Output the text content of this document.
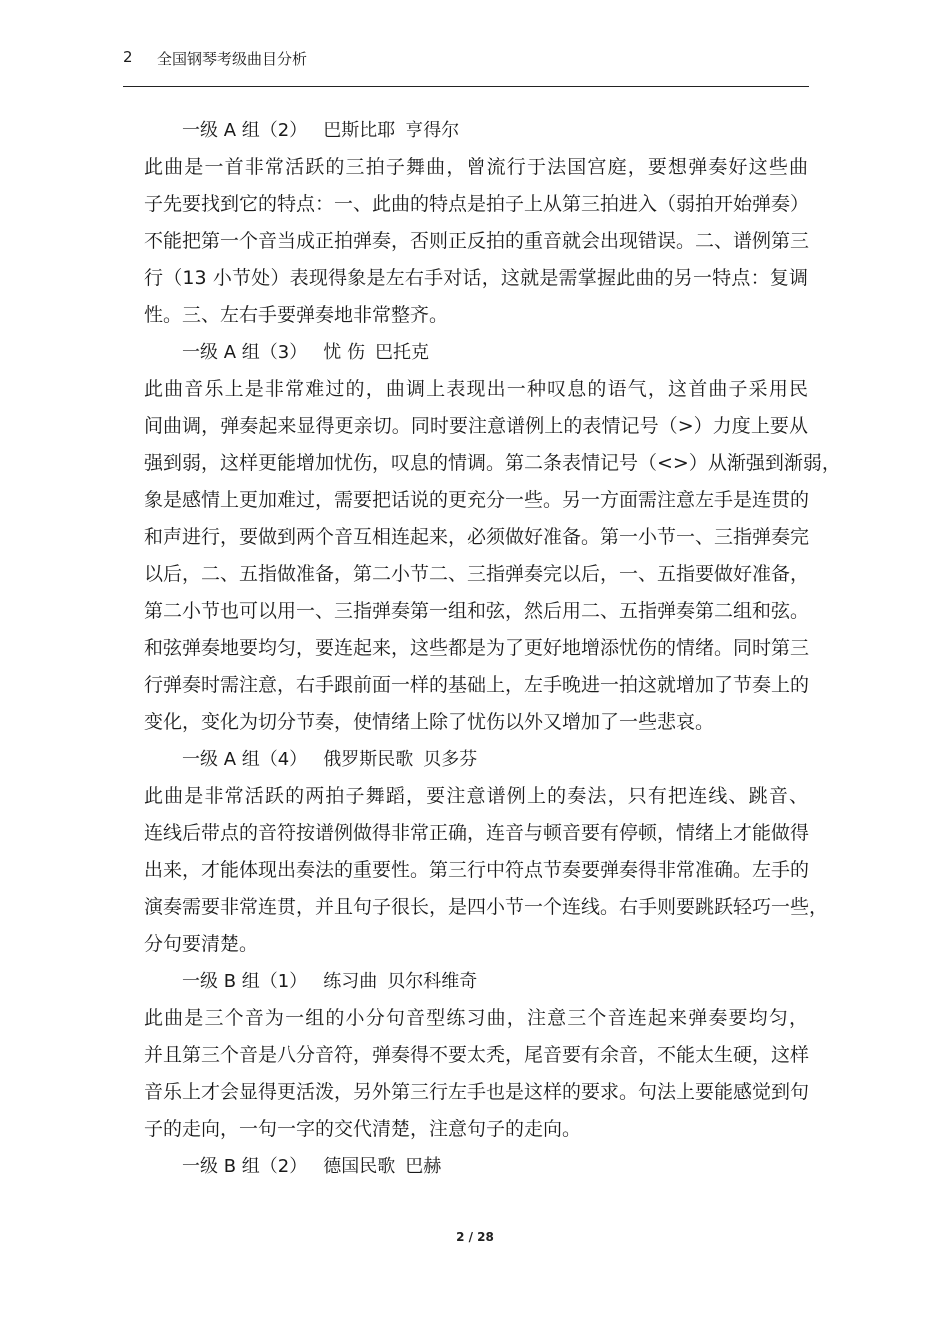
2 全国钢琴考级曲目分析
一级 A 组（2） 巴斯比耶 亨得尔
此曲是一首非常活跃的三拍子舞曲，曾流行于法国宫庭，要想弹奏好这些曲
子先要找到它的特点：一、此曲的特点是拍子上从第三拍进入（弱拍开始弹奏）
不能把第一个音当成正拍弹奏，否则正反拍的重音就会出现错误。二、谱例第三
行（13 小节处）表现得象是左右手对话，这就是需掌握此曲的另一特点：复调
性。三、左右手要弹奏地非常整齐。
一级 A 组（3） 忧 伤 巴托克
此曲音乐上是非常难过的，曲调上表现出一种叹息的语气，这首曲子采用民
间曲调，弹奏起来显得更亲切。同时要注意谱例上的表情记号（>）力度上要从
强到弱，这样更能增加忧伤，叹息的情调。第二条表情记号（<>）从渐强到渐弱，
象是感情上更加难过，需要把话说的更充分一些。另一方面需注意左手是连贯的
和声进行，要做到两个音互相连起来，必须做好准备。第一小节一、三指弹奏完
以后，二、五指做准备，第二小节二、三指弹奏完以后，一、五指要做好准备，
第二小节也可以用一、三指弹奏第一组和弦，然后用二、五指弹奏第二组和弦。
和弦弹奏地要均匀，要连起来，这些都是为了更好地增添忧伤的情绪。同时第三
行弹奏时需注意，右手跟前面一样的基础上，左手晚进一拍这就增加了节奏上的
变化，变化为切分节奏，使情绪上除了忧伤以外又增加了一些悲哀。
一级 A 组（4） 俄罗斯民歌 贝多芬
此曲是非常活跃的两拍子舞蹈，要注意谱例上的奏法，只有把连线、跳音、
连线后带点的音符按谱例做得非常正确，连音与顿音要有停顿，情绪上才能做得
出来，才能体现出奏法的重要性。第三行中符点节奏要弹奏得非常准确。左手的
演奏需要非常连贯，并且句子很长，是四小节一个连线。右手则要跳跃轻巧一些，
分句要清楚。
一级 B 组（1） 练习曲 贝尔科维奇
此曲是三个音为一组的小分句音型练习曲，注意三个音连起来弹奏要均匀，
并且第三个音是八分音符，弹奏得不要太秃，尾音要有余音，不能太生硬，这样
音乐上才会显得更活泼，另外第三行左手也是这样的要求。句法上要能感觉到句
子的走向，一句一字的交代清楚，注意句子的走向。
一级 B 组（2） 德国民歌 巴赫
2 / 28
